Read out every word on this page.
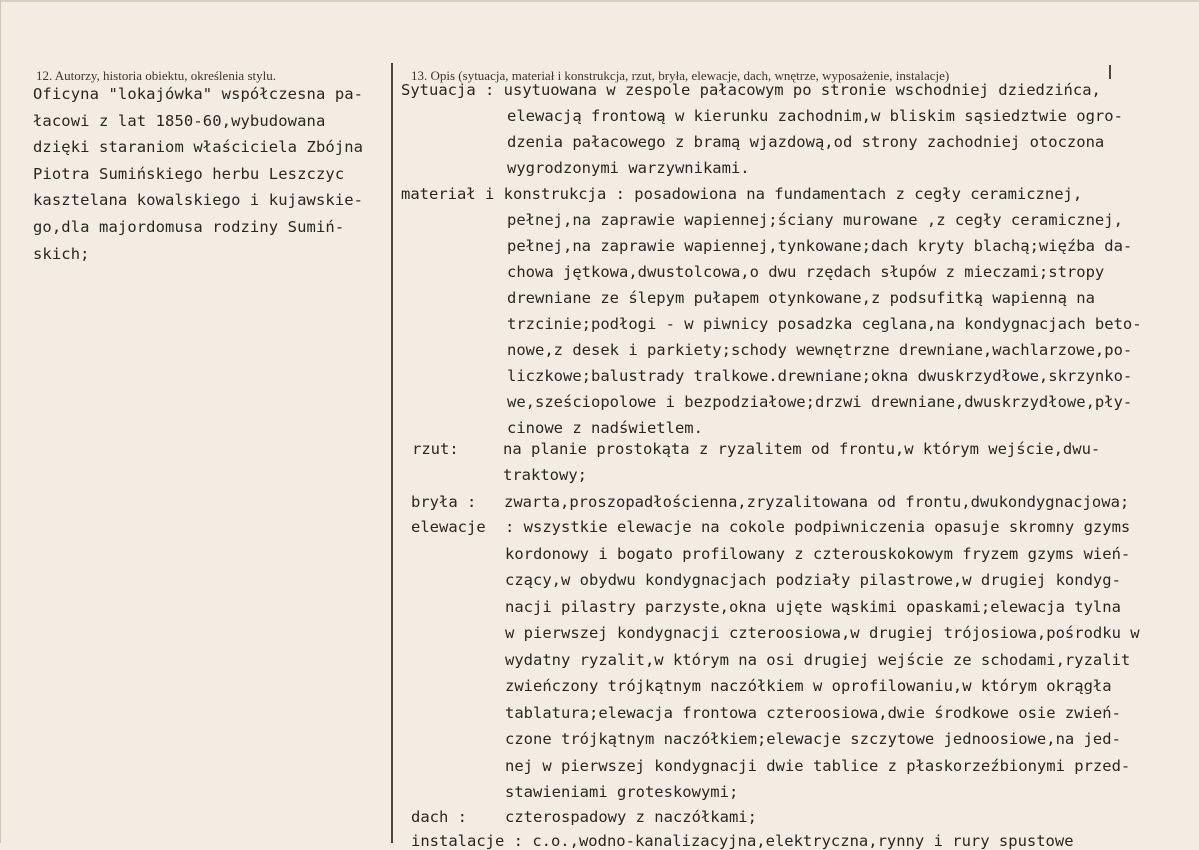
12. Autorzy, historia obiektu, określenia stylu.	13. Opis (sytuacja, materiał i konstrukcja, rzut, bryła, elewacje, dach, wnętrze, wyposażenie, instalacje)
Oficyna "lokajówka" współczesna pa-
łacowi z lat 1850-60,wybudowana
dzięki staraniom właściciela Zbójna
Piotra Sumińskiego herbu Leszczyc
kasztelana kowalskiego i kujawskie-
go,dla majordomusa rodziny Sumiń-
skich;
Sytuacja : usytuowana w zespole pałacowym po stronie wschodniej dziedzińca,
elewacją frontową w kierunku zachodnim,w bliskim sąsiedztwie ogro-
dzenia pałacowego z bramą wjazdową,od strony zachodniej otoczona
wygrodzonymi warzywnikami.
materiał i konstrukcja : posadowiona na fundamentach z cegły ceramicznej,
pełnej,na zaprawie wapiennej;ściany murowane ,z cegły ceramicznej,
pełnej,na zaprawie wapiennej,tynkowane;dach kryty blachą;więźba da-
chowa jętkowa,dwustolcowa,o dwu rzędach słupów z mieczami;stropy
drewniane ze ślepym pułapem otynkowane,z podsufitką wapienną na
trzcinie;podłogi - w piwnicy posadzka ceglana,na kondygnacjach beto-
nowe,z desek i parkiety;schody wewnętrzne drewniane,wachlarzowe,po-
liczkowe;balustrady tralkowe.drewniane;okna dwuskrzydłowe,skrzynko-
we,sześciopolowe i bezpodziałowe;drzwi drewniane,dwuskrzydłowe,pły-
cinowe z nadświetlem.
rzut:	na planie prostokąta z ryzalitem od frontu,w którym wejście,dwu-
traktowy;
bryła : zwarta,proszopadłościenna,zryzalitowana od frontu,dwukondygnacjowa;
elewacje : wszystkie elewacje na cokole podpiwniczenia opasuje skromny gzyms
kordonowy i bogato profilowany z czterouskokowym fryzem gzyms wień-
czący,w obydwu kondygnacjach podziały pilastrowe,w drugiej kondyg-
nacji pilastry parzyste,okna ujęte wąskimi opaskami;elewacja tylna
w pierwszej kondygnacji czteroosiowa,w drugiej trójosiowa,pośrodku w
wydatny ryzalit,w którym na osi drugiej wejście ze schodami,ryzalit
zwieńczony trójkątnym naczółkiem w oprofilowaniu,w którym okrągła
tablatura;elewacja frontowa czteroosiowa,dwie środkowe osie zwień-
czone trójkątnym naczółkiem;elewacje szczytowe jednoosiowe,na jed-
nej w pierwszej kondygnacji dwie tablice z płaskorzeźbionymi przed-
stawieniami groteskowymi;
dach : czterospadowy z naczółkami;
instalacje : c.o.,wodno-kanalizacyjna,elektryczna,rynny i rury spustowe
